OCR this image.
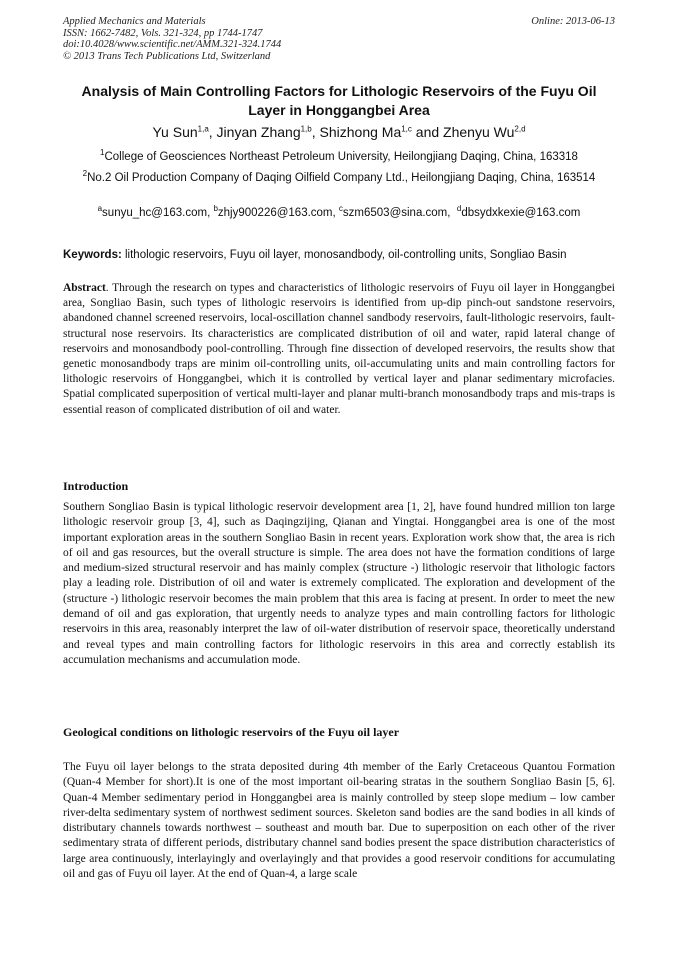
Applied Mechanics and Materials
ISSN: 1662-7482, Vols. 321-324, pp 1744-1747
doi:10.4028/www.scientific.net/AMM.321-324.1744
© 2013 Trans Tech Publications Ltd, Switzerland
Online: 2013-06-13
Analysis of Main Controlling Factors for Lithologic Reservoirs of the Fuyu Oil Layer in Honggangbei Area
Yu Sun$^{1,a}$, Jinyan Zhang$^{1,b}$, Shizhong Ma$^{1,c}$ and Zhenyu Wu$^{2,d}$
$^1$College of Geosciences Northeast Petroleum University, Heilongjiang Daqing, China, 163318
$^2$No.2 Oil Production Company of Daqing Oilfield Company Ltd., Heilongjiang Daqing, China, 163514
$^a$sunyu_hc@163.com, $^b$zhjy900226@163.com, $^c$szm6503@sina.com,  $^d$dbsydxkexie@163.com
Keywords: lithologic reservoirs, Fuyu oil layer, monosandbody, oil-controlling units, Songliao Basin
Abstract. Through the research on types and characteristics of lithologic reservoirs of Fuyu oil layer in Honggangbei area, Songliao Basin, such types of lithologic reservoirs is identified from up-dip pinch-out sandstone reservoirs, abandoned channel screened reservoirs, local-oscillation channel sandbody reservoirs, fault-lithologic reservoirs, fault-structural nose reservoirs. Its characteristics are complicated distribution of oil and water, rapid lateral change of reservoirs and monosandbody pool-controlling. Through fine dissection of developed reservoirs, the results show that genetic monosandbody traps are minim oil-controlling units, oil-accumulating units and main controlling factors for lithologic reservoirs of Honggangbei, which it is controlled by vertical layer and planar sedimentary microfacies. Spatial complicated superposition of vertical multi-layer and planar multi-branch monosandbody traps and mis-traps is essential reason of complicated distribution of oil and water.
Introduction
Southern Songliao Basin is typical lithologic reservoir development area [1, 2], have found hundred million ton large lithologic reservoir group [3, 4], such as Daqingzijing, Qianan and Yingtai. Honggangbei area is one of the most important exploration areas in the southern Songliao Basin in recent years. Exploration work show that, the area is rich of oil and gas resources, but the overall structure is simple. The area does not have the formation conditions of large and medium-sized structural reservoir and has mainly complex (structure -) lithologic reservoir that lithologic factors play a leading role. Distribution of oil and water is extremely complicated. The exploration and development of the (structure -) lithologic reservoir becomes the main problem that this area is facing at present. In order to meet the new demand of oil and gas exploration, that urgently needs to analyze types and main controlling factors for lithologic reservoirs in this area, reasonably interpret the law of oil-water distribution of reservoir space, theoretically understand and reveal types and main controlling factors for lithologic reservoirs in this area and correctly establish its accumulation mechanisms and accumulation mode.
Geological conditions on lithologic reservoirs of the Fuyu oil layer
The Fuyu oil layer belongs to the strata deposited during 4th member of the Early Cretaceous Quantou Formation (Quan-4 Member for short).It is one of the most important oil-bearing stratas in the southern Songliao Basin [5, 6]. Quan-4 Member sedimentary period in Honggangbei area is mainly controlled by steep slope medium – low camber river-delta sedimentary system of northwest sediment sources. Skeleton sand bodies are the sand bodies in all kinds of distributary channels towards northwest – southeast and mouth bar. Due to superposition on each other of the river sedimentary strata of different periods, distributary channel sand bodies present the space distribution characteristics of large area continuously, interlayingly and overlayingly and that provides a good reservoir conditions for accumulating oil and gas of Fuyu oil layer. At the end of Quan-4, a large scale
